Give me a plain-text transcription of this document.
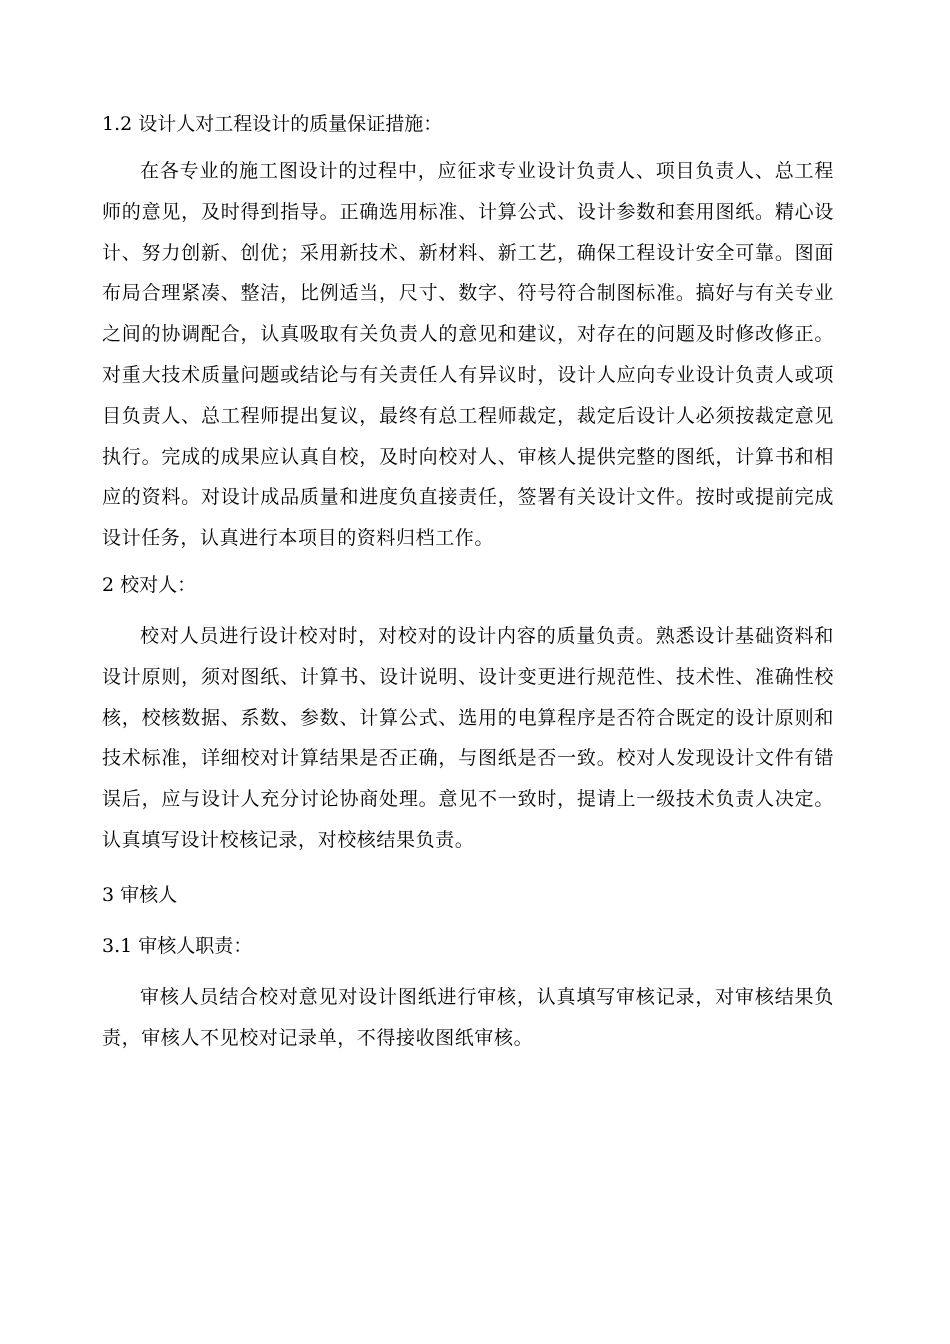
1.2 设计人对工程设计的质量保证措施：

在各专业的施工图设计的过程中，应征求专业设计负责人、项目负责人、总工程师的意见，及时得到指导。正确选用标准、计算公式、设计参数和套用图纸。精心设计、努力创新、创优；采用新技术、新材料、新工艺，确保工程设计安全可靠。图面布局合理紧凑、整洁，比例适当，尺寸、数字、符号符合制图标准。搞好与有关专业之间的协调配合，认真吸取有关负责人的意见和建议，对存在的问题及时修改修正。对重大技术质量问题或结论与有关责任人有异议时，设计人应向专业设计负责人或项目负责人、总工程师提出复议，最终有总工程师裁定，裁定后设计人必须按裁定意见执行。完成的成果应认真自校，及时向校对人、审核人提供完整的图纸，计算书和相应的资料。对设计成品质量和进度负直接责任，签署有关设计文件。按时或提前完成设计任务，认真进行本项目的资料归档工作。

2 校对人：

校对人员进行设计校对时，对校对的设计内容的质量负责。熟悉设计基础资料和设计原则，须对图纸、计算书、设计说明、设计变更进行规范性、技术性、准确性校核，校核数据、系数、参数、计算公式、选用的电算程序是否符合既定的设计原则和技术标准，详细校对计算结果是否正确，与图纸是否一致。校对人发现设计文件有错误后，应与设计人充分讨论协商处理。意见不一致时，提请上一级技术负责人决定。认真填写设计校核记录，对校核结果负责。

3 审核人
3.1 审核人职责：

审核人员结合校对意见对设计图纸进行审核，认真填写审核记录，对审核结果负责，审核人不见校对记录单，不得接收图纸审核。
